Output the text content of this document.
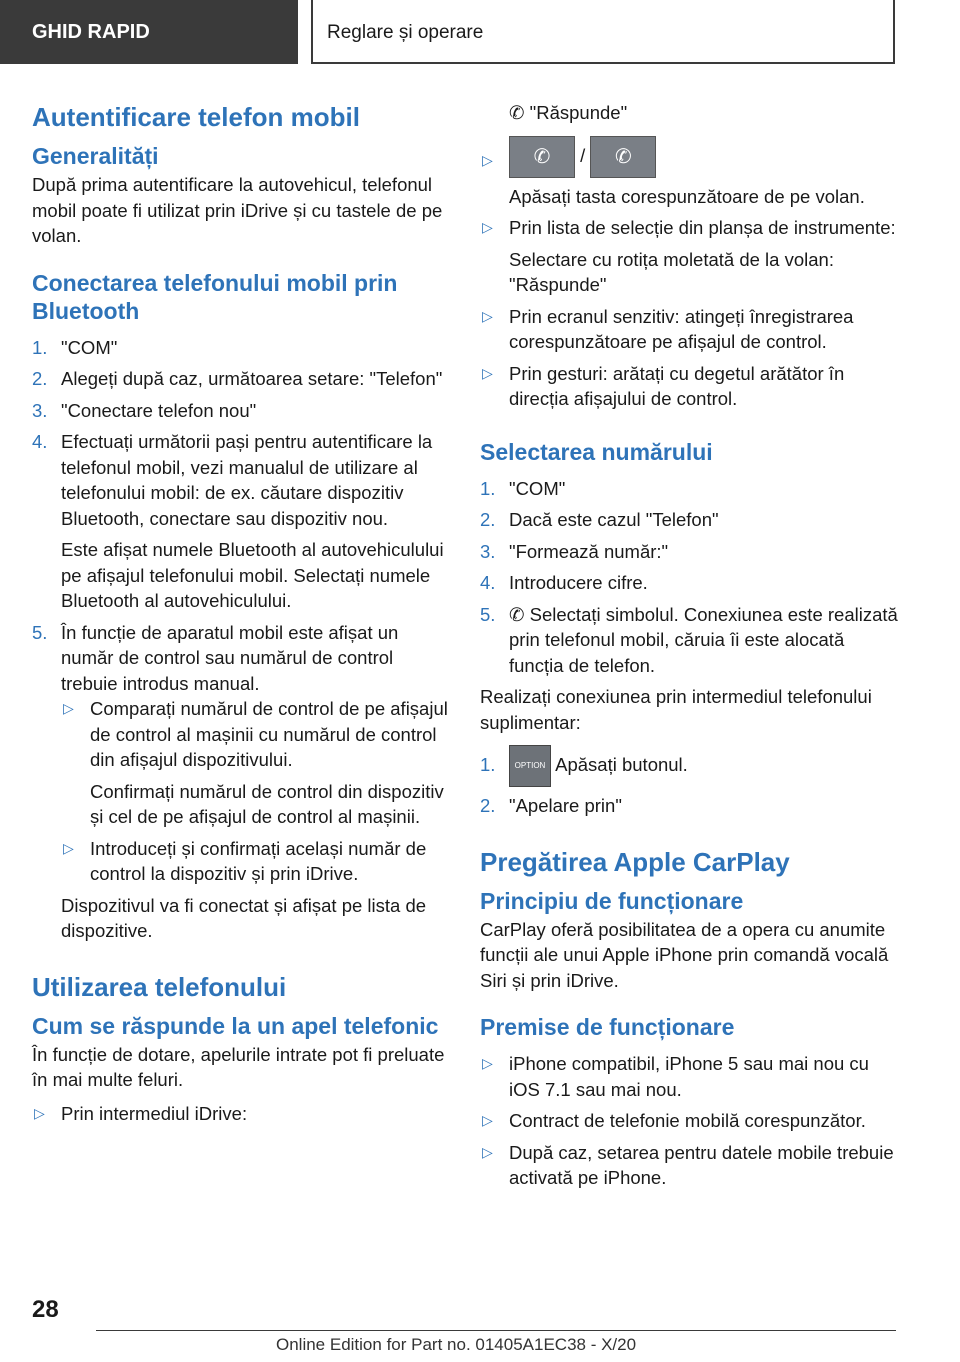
GHID RAPID	Reglare și operare
Autentificare telefon mobil
Generalități

După prima autentificare la autovehicul, telefonul mobil poate fi utilizat prin iDrive și cu tastele de pe volan.

Conectarea telefonului mobil prin Bluetooth
1. "COM"
2. Alegeți după caz, următoarea setare: "Telefon"
3. "Conectare telefon nou"
4. Efectuați următorii pași pentru autentificare la telefonul mobil, vezi manualul de utilizare al telefonului mobil: de ex. căutare dispozitiv Bluetooth, conectare sau dispozitiv nou.

Este afișat numele Bluetooth al autovehiculului pe afișajul telefonului mobil. Selectați numele Bluetooth al autovehiculului.

5. În funcție de aparatul mobil este afișat un număr de control sau numărul de control trebuie introdus manual.
▷ Comparați numărul de control de pe afișajul de control al mașinii cu numărul de control din afișajul dispozitivului.

Confirmați numărul de control din dispozitiv și cel de pe afișajul de control al mașinii.

▷ Introduceți și confirmați același număr de control la dispozitiv și prin iDrive.

Dispozitivul va fi conectat și afișat pe lista de dispozitive.

Utilizarea telefonului
Cum se răspunde la un apel telefonic

În funcție de dotare, apelurile intrate pot fi preluate în mai multe feluri.

▷ Prin intermediul iDrive:

✆ "Răspunde"

▷ ✆ / ✆

Apăsați tasta corespunzătoare de pe volan.

▷ Prin lista de selecție din planșa de instrumente:

Selectare cu rotița moletată de la volan: "Răspunde"

▷ Prin ecranul senzitiv: atingeți înregistrarea corespunzătoare pe afișajul de control.
▷ Prin gesturi: arătați cu degetul arătător în direcția afișajului de control.
Selectarea numărului
1. "COM"
2. Dacă este cazul "Telefon"
3. "Formează număr:"
4. Introducere cifre.
5. ✆ Selectați simbolul. Conexiunea este realizată prin telefonul mobil, căruia îi este alocată funcția de telefon.

Realizați conexiunea prin intermediul telefonului suplimentar:

1. OPTION Apăsați butonul.
2. "Apelare prin"
Pregătirea Apple CarPlay
Principiu de funcționare

CarPlay oferă posibilitatea de a opera cu anumite funcții ale unui Apple iPhone prin comandă vocală Siri și prin iDrive.

Premise de funcționare
▷ iPhone compatibil, iPhone 5 sau mai nou cu iOS 7.1 sau mai nou.
▷ Contract de telefonie mobilă corespunzător.
▷ După caz, setarea pentru datele mobile trebuie activată pe iPhone.
28
Online Edition for Part no. 01405A1EC38 - X/20
